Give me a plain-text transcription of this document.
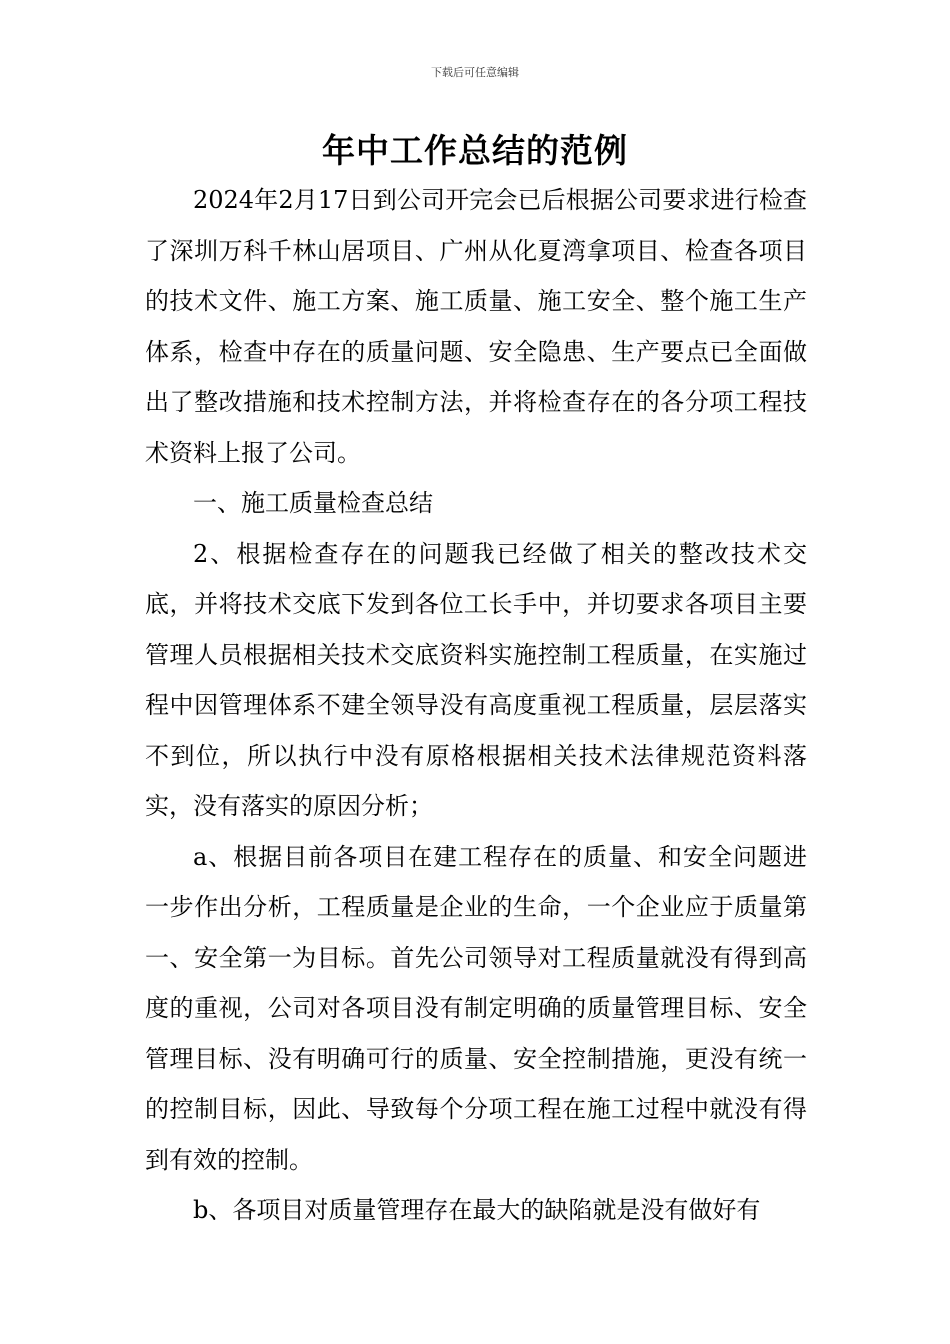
下载后可任意编辑
年中工作总结的范例

2024年2月17日到公司开完会已后根据公司要求进行检查了深圳万科千林山居项目、广州从化夏湾拿项目、检查各项目的技术文件、施工方案、施工质量、施工安全、整个施工生产体系，检查中存在的质量问题、安全隐患、生产要点已全面做出了整改措施和技术控制方法，并将检查存在的各分项工程技术资料上报了公司。

一、施工质量检查总结

2、根据检查存在的问题我已经做了相关的整改技术交底，并将技术交底下发到各位工长手中，并切要求各项目主要管理人员根据相关技术交底资料实施控制工程质量，在实施过程中因管理体系不建全领导没有高度重视工程质量，层层落实不到位，所以执行中没有原格根据相关技术法律规范资料落实，没有落实的原因分析；

a、根据目前各项目在建工程存在的质量、和安全问题进一步作出分析，工程质量是企业的生命，一个企业应于质量第一、安全第一为目标。首先公司领导对工程质量就没有得到高度的重视，公司对各项目没有制定明确的质量管理目标、安全管理目标、没有明确可行的质量、安全控制措施，更没有统一的控制目标，因此、导致每个分项工程在施工过程中就没有得到有效的控制。

b、各项目对质量管理存在最大的缺陷就是没有做好有
